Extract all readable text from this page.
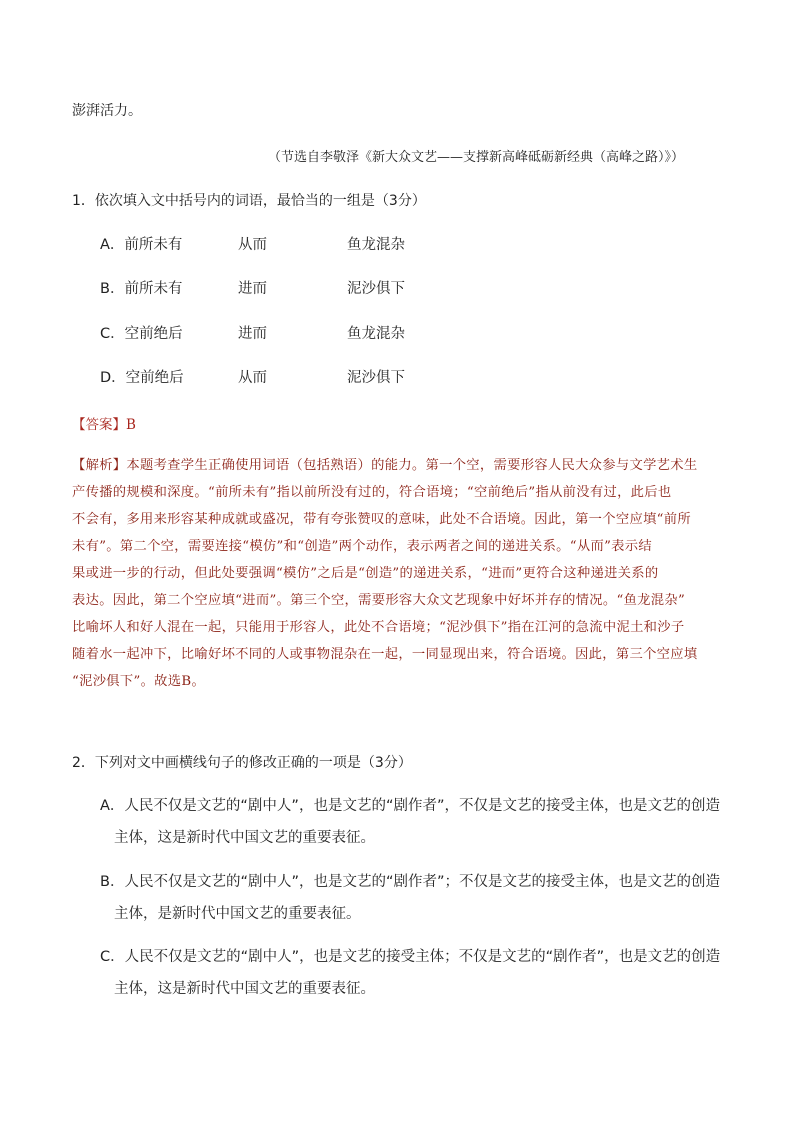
澎湃活力。
（节选自李敬泽《新大众文艺——支撑新高峰砥砺新经典（高峰之路）》）
1．依次填入文中括号内的词语，最恰当的一组是（3分）
A．前所未有	从而	鱼龙混杂
B．前所未有	进而	泥沙俱下
C．空前绝后	进而	鱼龙混杂
D．空前绝后	从而	泥沙俱下
【答案】B
【解析】本题考查学生正确使用词语（包括熟语）的能力。第一个空，需要形容人民大众参与文学艺术生
产传播的规模和深度。“前所未有”指以前所没有过的，符合语境；“空前绝后”指从前没有过，此后也
不会有，多用来形容某种成就或盛况，带有夸张赞叹的意味，此处不合语境。因此，第一个空应填“前所
未有”。第二个空，需要连接“模仿”和“创造”两个动作，表示两者之间的递进关系。“从而”表示结
果或进一步的行动，但此处要强调“模仿”之后是“创造”的递进关系，“进而”更符合这种递进关系的
表达。因此，第二个空应填“进而”。第三个空，需要形容大众文艺现象中好坏并存的情况。“鱼龙混杂”
比喻坏人和好人混在一起，只能用于形容人，此处不合语境；“泥沙俱下”指在江河的急流中泥土和沙子
随着水一起冲下，比喻好坏不同的人或事物混杂在一起，一同显现出来，符合语境。因此，第三个空应填
“泥沙俱下”。故选B。
2．下列对文中画横线句子的修改正确的一项是（3分）
A．人民不仅是文艺的“剧中人”，也是文艺的“剧作者”，不仅是文艺的接受主体，也是文艺的创造
主体，这是新时代中国文艺的重要表征。
B．人民不仅是文艺的“剧中人”，也是文艺的“剧作者”；不仅是文艺的接受主体，也是文艺的创造
主体，是新时代中国文艺的重要表征。
C．人民不仅是文艺的“剧中人”，也是文艺的接受主体；不仅是文艺的“剧作者”，也是文艺的创造
主体，这是新时代中国文艺的重要表征。
